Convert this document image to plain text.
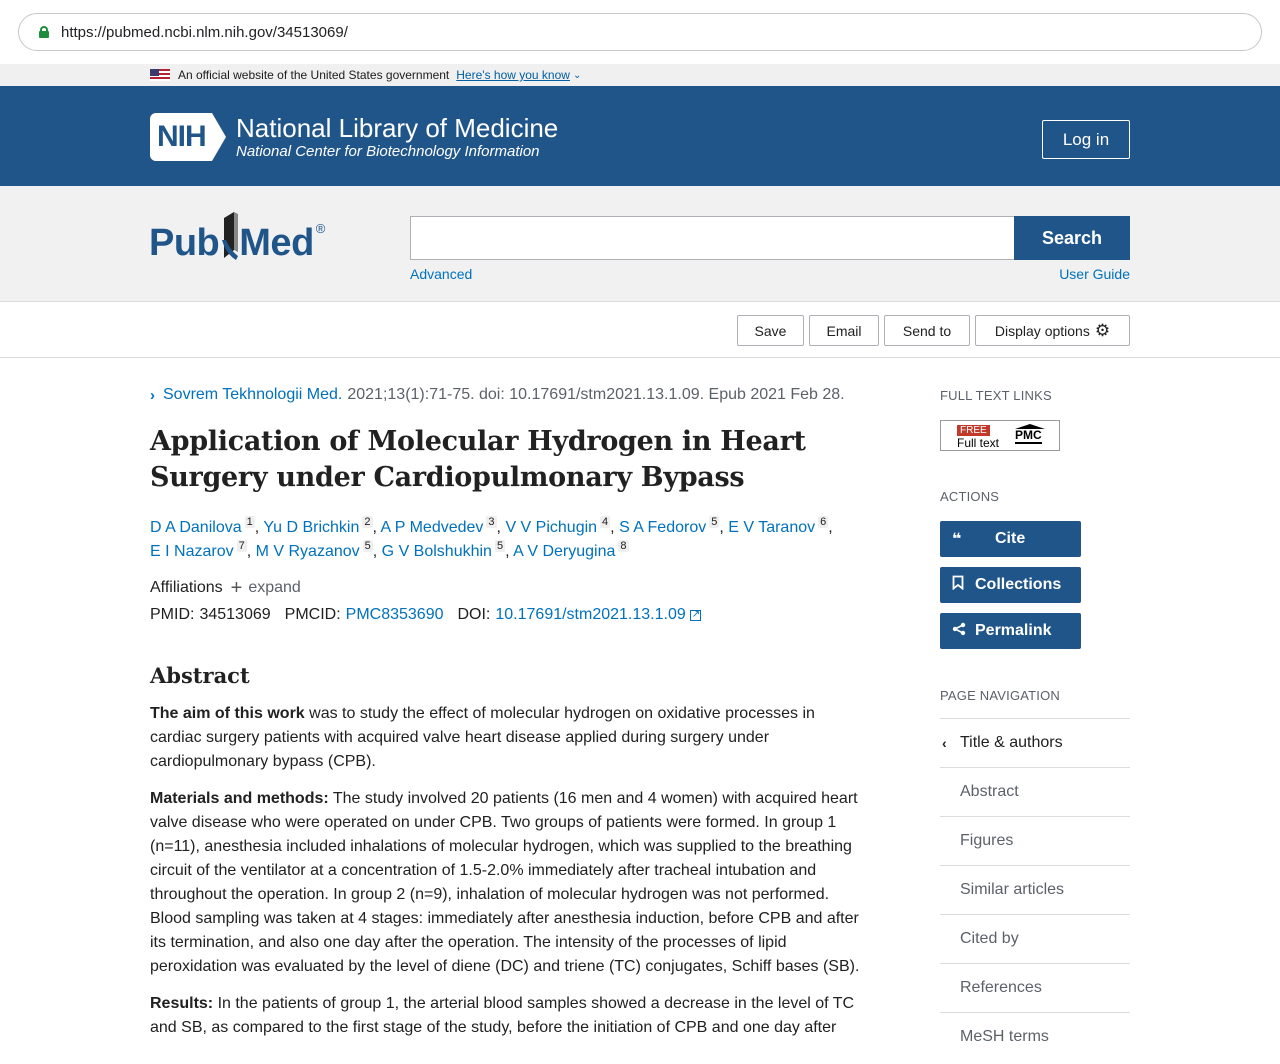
https://pubmed.ncbi.nlm.nih.gov/34513069/
An official website of the United States government Here's how you know ⌄
NIH National Library of Medicine
National Center for Biotechnology Information
Log in
Pub Med ®	Search
Advanced	User Guide
Save	Email	Send to	Display options ⚙
› Sovrem Tekhnologii Med. 2021;13(1):71-75. doi: 10.17691/stm2021.13.1.09. Epub 2021 Feb 28.
Application of Molecular Hydrogen in Heart Surgery under Cardiopulmonary Bypass
D A Danilova $^1$ , Yu D Brichkin $^2$ , A P Medvedev $^3$ , V V Pichugin $^4$ , S A Fedorov $^5$ , E V Taranov $^6$ ,
E I Nazarov $^7$ , M V Ryazanov $^5$ , G V Bolshukhin $^5$ , A V Deryugina $^8$
Affiliations + expand
PMID: 34513069 PMCID: PMC8353690 DOI: 10.17691/stm2021.13.1.09
↗
Abstract

The aim of this work was to study the effect of molecular hydrogen on oxidative processes in cardiac surgery patients with acquired valve heart disease applied during surgery under cardiopulmonary bypass (CPB).

Materials and methods: The study involved 20 patients (16 men and 4 women) with acquired heart valve disease who were operated on under CPB. Two groups of patients were formed. In group 1 (n=11), anesthesia included inhalations of molecular hydrogen, which was supplied to the breathing circuit of the ventilator at a concentration of 1.5-2.0% immediately after tracheal intubation and throughout the operation. In group 2 (n=9), inhalation of molecular hydrogen was not performed. Blood sampling was taken at 4 stages: immediately after anesthesia induction, before CPB and after its termination, and also one day after the operation. The intensity of the processes of lipid peroxidation was evaluated by the level of diene (DC) and triene (TC) conjugates, Schiff bases (SB).

Results: In the patients of group 1, the arterial blood samples showed a decrease in the level of TC and SB, as compared to the first stage of the study, before the initiation of CPB and one day after

FULL TEXT LINKS
FREE
Full text
PMC
ACTIONS
❝ Cite
Collections
Permalink
PAGE NAVIGATION
‹ Title & authors
Abstract
Figures
Similar articles
Cited by
References
MeSH terms
